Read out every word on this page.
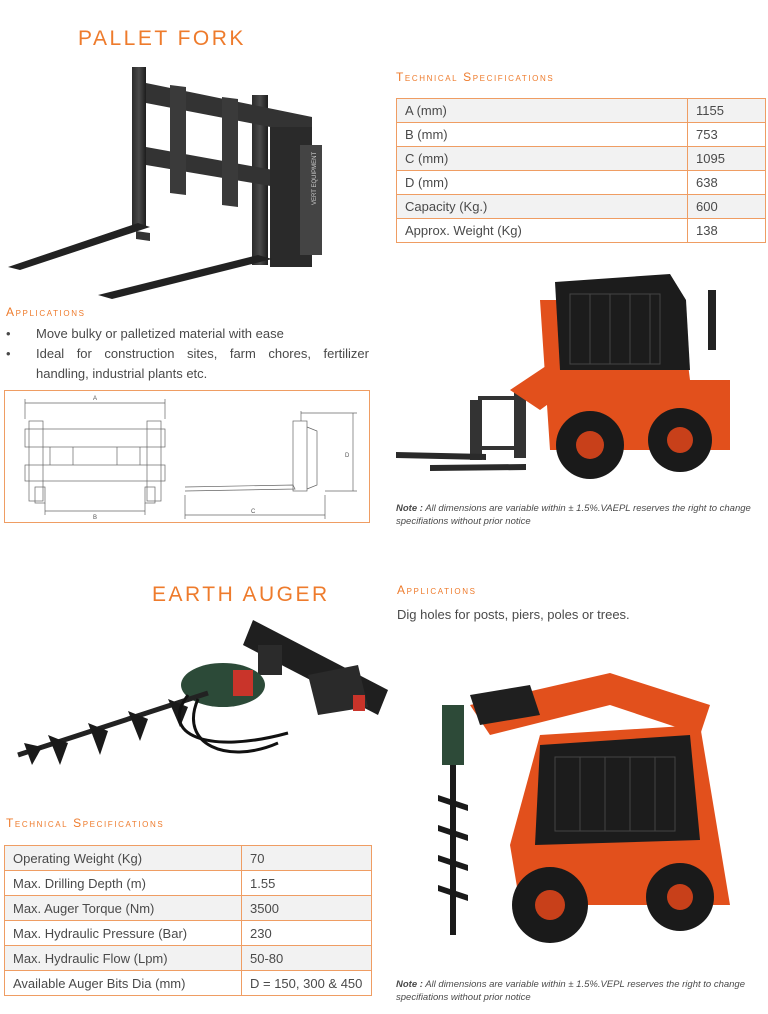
PALLET FORK
VERT EQUIPMENT
Applications
•	Move bulky or palletized material with ease
•	Ideal for construction sites, farm chores, fertilizer handling, industrial plants etc.
A
B
C
D
Technical Specifications
A (mm)	1155
B (mm)	753
C (mm)	1095
D (mm)	638
Capacity (Kg.)	600
Approx. Weight (Kg)	138
Note : All dimensions are variable within ± 1.5%.VAEPL reserves the right to change specifiations without prior notice
EARTH AUGER	Applications
Dig holes for posts, piers, poles or trees.
Technical Specifications
Operating Weight (Kg)	70
Max. Drilling Depth (m)	1.55
Max. Auger Torque (Nm)	3500
Max. Hydraulic Pressure (Bar)	230
Max. Hydraulic Flow (Lpm)	50-80
Available Auger Bits Dia (mm)	D = 150, 300 & 450	Note : All dimensions are variable within ± 1.5%.VEPL reserves the right to change specifiations without prior notice
